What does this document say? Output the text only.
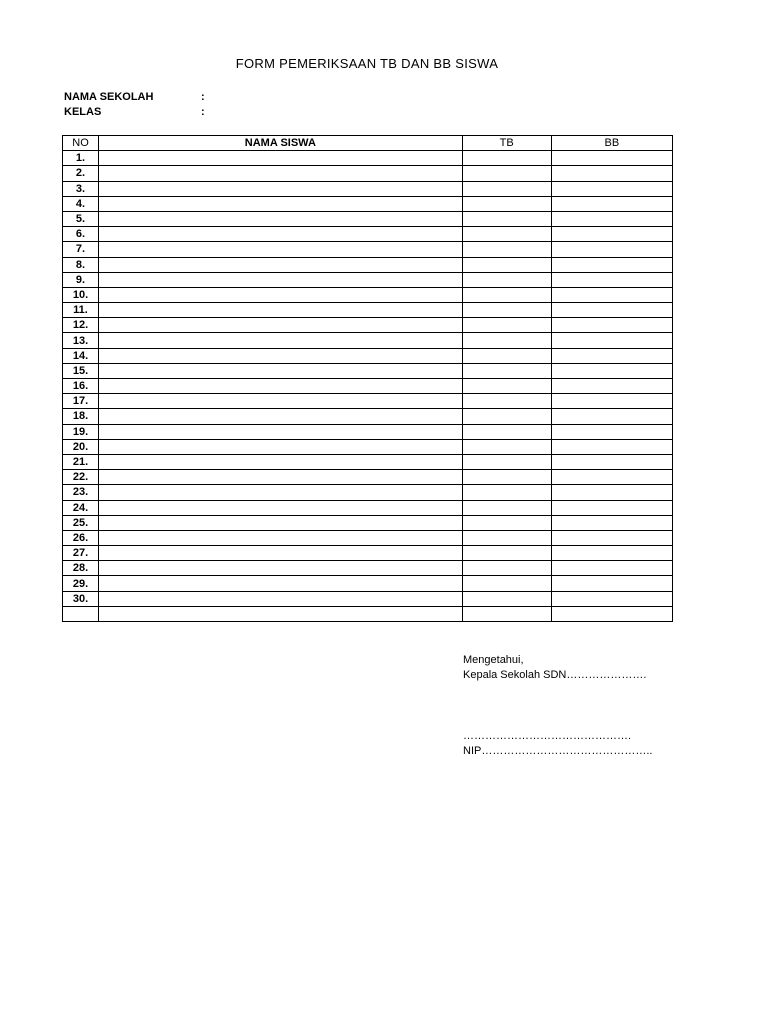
FORM PEMERIKSAAN TB DAN BB SISWA
NAMA SEKOLAH	:
KELAS	:
NO	NAMA SISWA	TB	BB
1.			
2.			
3.			
4.			
5.			
6.			
7.			
8.			
9.			
10.			
11.			
12.			
13.			
14.			
15.			
16.			
17.			
18.			
19.			
20.			
21.			
22.			
23.			
24.			
25.			
26.			
27.			
28.			
29.			
30.			

Mengetahui,
Kepala Sekolah SDN………………….
……………………………………….
NIP………………………………………..
